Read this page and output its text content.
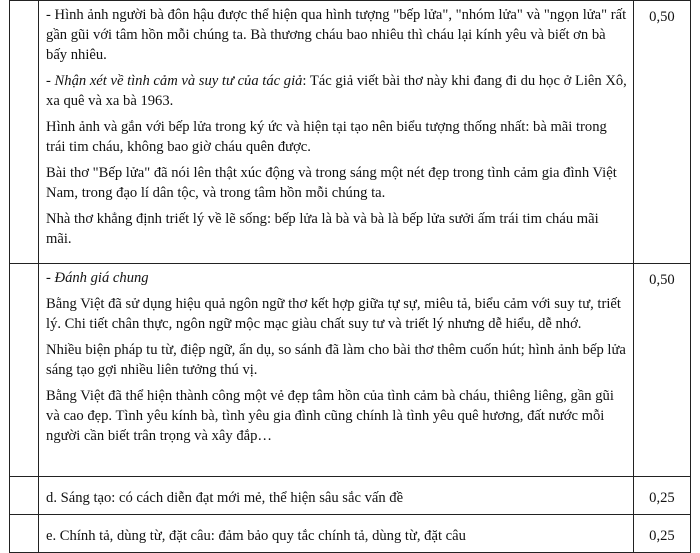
	- Hình ảnh người bà đôn hậu được thể hiện qua hình tượng "bếp lửa", "nhóm lửa" và "ngọn lửa" rất gần gũi với tâm hồn mỗi chúng ta. Bà thương cháu bao nhiêu thì cháu lại kính yêu và biết ơn bà bấy nhiêu.

- Nhận xét về tình cảm và suy tư của tác giả: Tác giả viết bài thơ này khi đang đi du học ở Liên Xô, xa quê và xa bà 1963.

Hình ảnh và gắn với bếp lửa trong ký ức và hiện tại tạo nên biểu tượng thống nhất: bà mãi trong trái tim cháu, không bao giờ cháu quên được.

Bài thơ "Bếp lửa" đã nói lên thật xúc động và trong sáng một nét đẹp trong tình cảm gia đình Việt Nam, trong đạo lí dân tộc, và trong tâm hồn mỗi chúng ta.

Nhà thơ khẳng định triết lý về lẽ sống: bếp lửa là bà và bà là bếp lửa sưởi ấm trái tim cháu mãi mãi.	0,50

	- Đánh giá chung

Bằng Việt đã sử dụng hiệu quả ngôn ngữ thơ kết hợp giữa tự sự, miêu tả, biểu cảm với suy tư, triết lý. Chi tiết chân thực, ngôn ngữ mộc mạc giàu chất suy tư và triết lý nhưng dễ hiểu, dễ nhớ.

Nhiều biện pháp tu từ, điệp ngữ, ẩn dụ, so sánh đã làm cho bài thơ thêm cuốn hút; hình ảnh bếp lửa sáng tạo gợi nhiều liên tưởng thú vị.

Bằng Việt đã thể hiện thành công một vẻ đẹp tâm hồn của tình cảm bà cháu, thiêng liêng, gần gũi và cao đẹp. Tình yêu kính bà, tình yêu gia đình cũng chính là tình yêu quê hương, đất nước mỗi người cần biết trân trọng và xây đắp…	0,50

	d. Sáng tạo: có cách diễn đạt mới mẻ, thể hiện sâu sắc vấn đề	0,25

	e. Chính tả, dùng từ, đặt câu: đảm bảo quy tắc chính tả, dùng từ, đặt câu	0,25
